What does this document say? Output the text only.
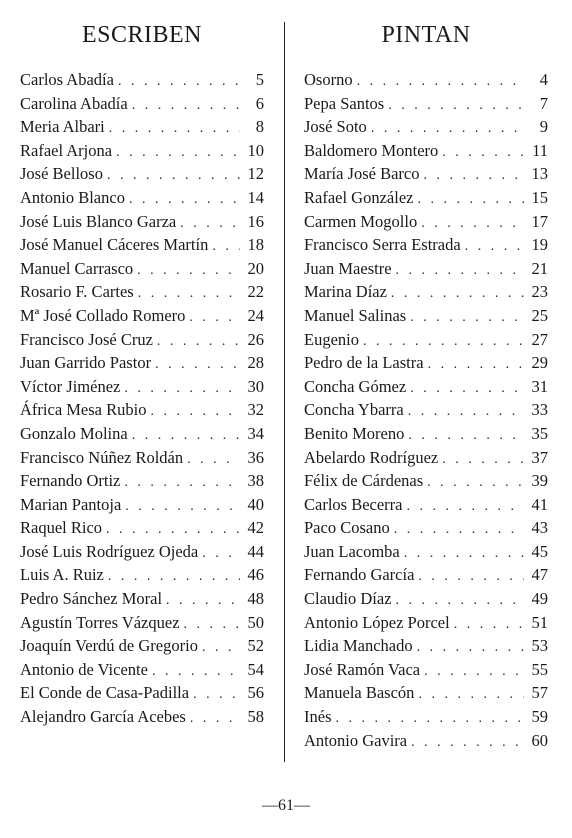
ESCRIBEN
Carlos Abadía . . .	5
Carolina Abadía . . .	6
Meria Albari . . .	8
Rafael Arjona . . .	10
José Belloso . . .	12
Antonio Blanco . . .	14
José Luis Blanco Garza . . .	16
José Manuel Cáceres Martín . . . 18
Manuel Carrasco . . .	20
Rosario F. Cartes . . .	22
Mª José Collado Romero . . .	24
Francisco José Cruz . . .	26
Juan Garrido Pastor . . .	28
Víctor Jiménez . . .	30
África Mesa Rubio . . .	32
Gonzalo Molina . . .	34
Francisco Núñez Roldán . . .	36
Fernando Ortiz . . .	38
Marian Pantoja . . .	40
Raquel Rico . . .	42
José Luis Rodríguez Ojeda . . .	44
Luis A. Ruiz . . .	46
Pedro Sánchez Moral . . .	48
Agustín Torres Vázquez . . .	50
Joaquín Verdú de Gregorio . . .	52
Antonio de Vicente . . .	54
El Conde de Casa-Padilla . . .	56
Alejandro García Acebes . . .	58
PINTAN
Osorno . . .	4
Pepa Santos . . .	7
José Soto . . .	9
Baldomero Montero . . .	11
María José Barco . . .	13
Rafael González . . .	15
Carmen Mogollo . . .	17
Francisco Serra Estrada . . .	19
Juan Maestre . . .	21
Marina Díaz . . .	23
Manuel Salinas . . .	25
Eugenio . . .	27
Pedro de la Lastra . . .	29
Concha Gómez . . .	31
Concha Ybarra . . .	33
Benito Moreno . . .	35
Abelardo Rodríguez . . .	37
Félix de Cárdenas . . .	39
Carlos Becerra . . .	41
Paco Cosano . . .	43
Juan Lacomba . . .	45
Fernando García . . .	47
Claudio Díaz . . .	49
Antonio López Porcel . . .	51
Lidia Manchado . . .	53
José Ramón Vaca . . .	55
Manuela Bascón . . .	57
Inés . . .	59
Antonio Gavira . . .	60
—61—
